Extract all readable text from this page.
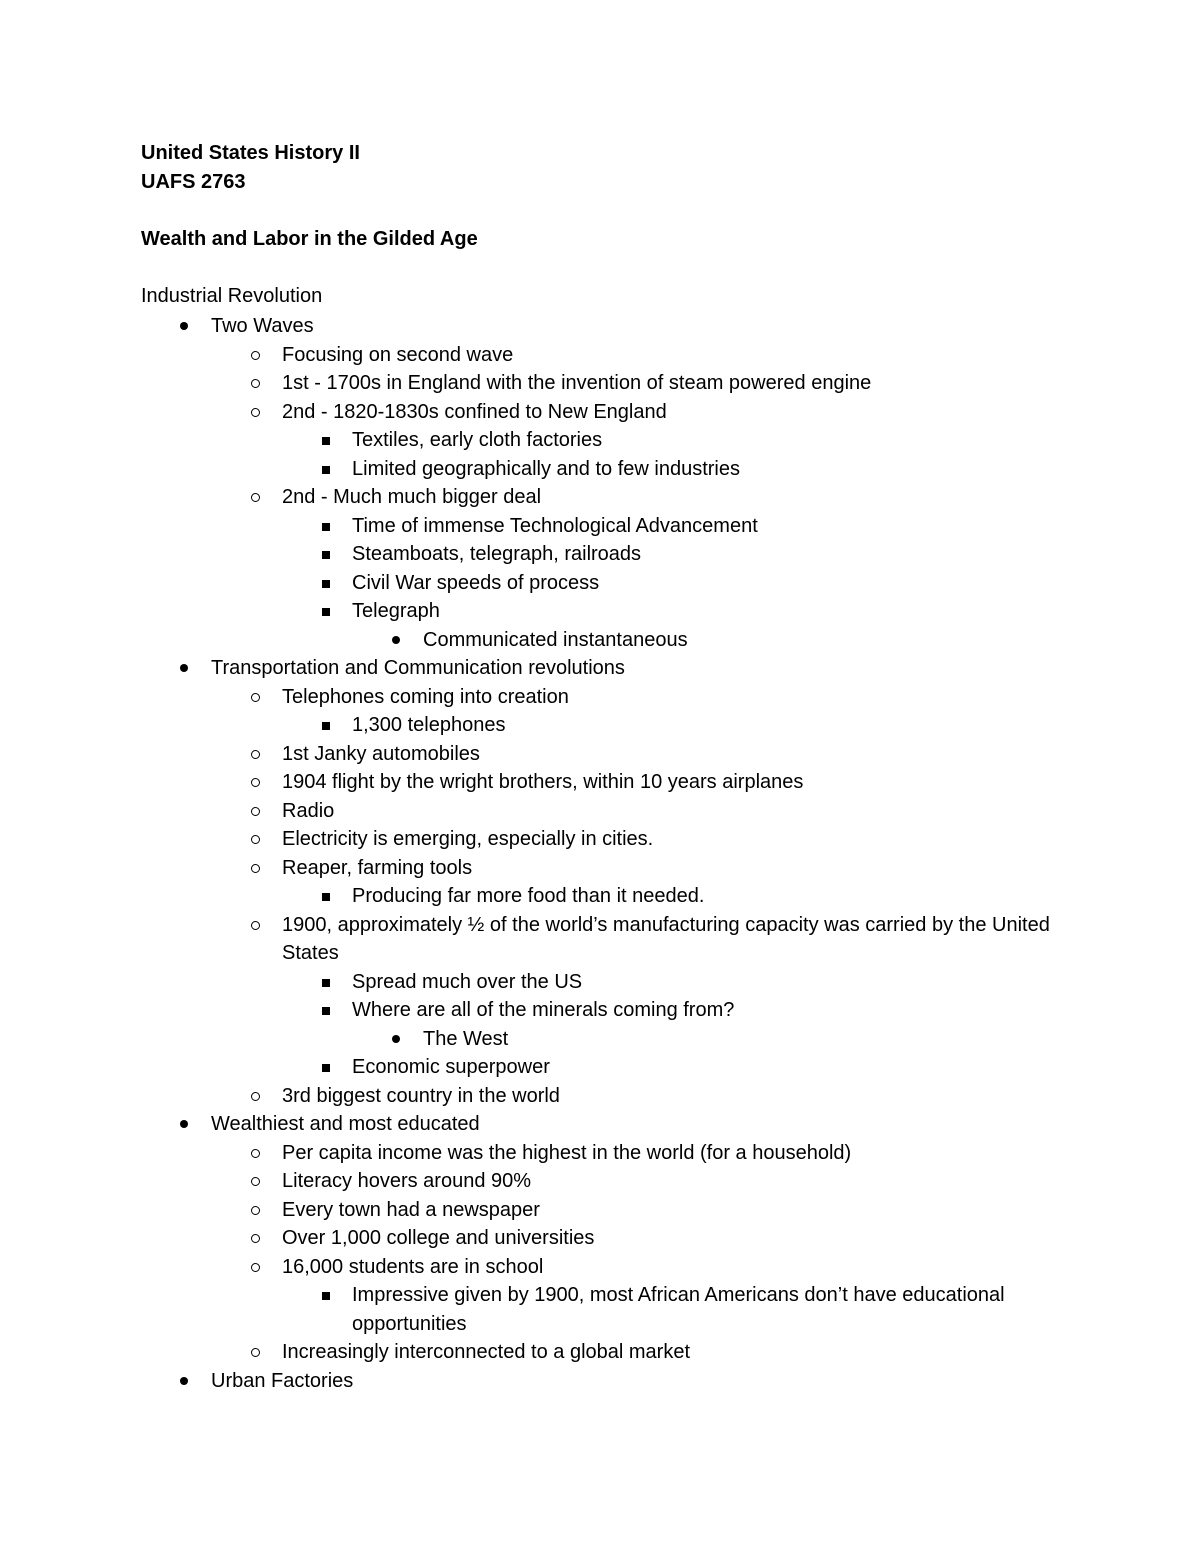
United States History II
UAFS 2763
Wealth and Labor in the Gilded Age

Industrial Revolution

Two Waves
Focusing on second wave
1st - 1700s in England with the invention of steam powered engine
2nd - 1820-1830s confined to New England
Textiles, early cloth factories
Limited geographically and to few industries
2nd - Much much bigger deal
Time of immense Technological Advancement
Steamboats, telegraph, railroads
Civil War speeds of process
Telegraph
Communicated instantaneous
Transportation and Communication revolutions
Telephones coming into creation
1,300 telephones
1st Janky automobiles
1904 flight by the wright brothers, within 10 years airplanes
Radio
Electricity is emerging, especially in cities.
Reaper, farming tools
Producing far more food than it needed.
1900, approximately ½ of the world’s manufacturing capacity was carried by the United States
Spread much over the US
Where are all of the minerals coming from?
The West
Economic superpower
3rd biggest country in the world
Wealthiest and most educated
Per capita income was the highest in the world (for a household)
Literacy hovers around 90%
Every town had a newspaper
Over 1,000 college and universities
16,000 students are in school
Impressive given by 1900, most African Americans don’t have educational opportunities
Increasingly interconnected to a global market
Urban Factories
